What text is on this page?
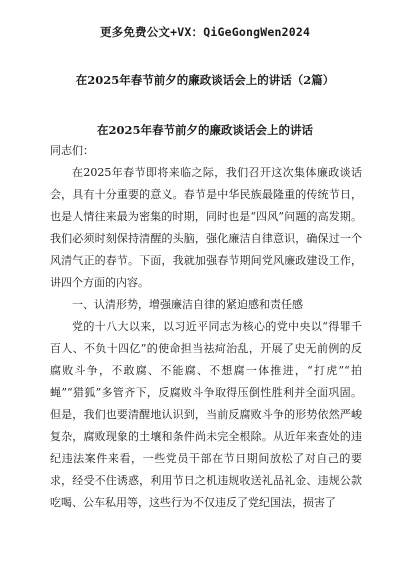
更多免费公文+VX：QiGeGongWen2024
在2025年春节前夕的廉政谈话会上的讲话（2篇）
在2025年春节前夕的廉政谈话会上的讲话

同志们：

在2025年春节即将来临之际，我们召开这次集体廉政谈话会，具有十分重要的意义。春节是中华民族最隆重的传统节日，也是人情往来最为密集的时期，同时也是“四风”问题的高发期。我们必须时刻保持清醒的头脑，强化廉洁自律意识，确保过一个风清气正的春节。下面，我就加强春节期间党风廉政建设工作，讲四个方面的内容。

一、认清形势，增强廉洁自律的紧迫感和责任感

党的十八大以来，以习近平同志为核心的党中央以“得罪千百人、不负十四亿”的使命担当祛疴治乱，开展了史无前例的反腐败斗争，不敢腐、不能腐、不想腐一体推进，“打虎”“拍蝇”“猎狐”多管齐下，反腐败斗争取得压倒性胜利并全面巩固。但是，我们也要清醒地认识到，当前反腐败斗争的形势依然严峻复杂，腐败现象的土壤和条件尚未完全根除。从近年来查处的违纪违法案件来看，一些党员干部在节日期间放松了对自己的要求，经受不住诱惑，利用节日之机违规收送礼品礼金、违规公款吃喝、公车私用等，这些行为不仅违反了党纪国法，损害了
